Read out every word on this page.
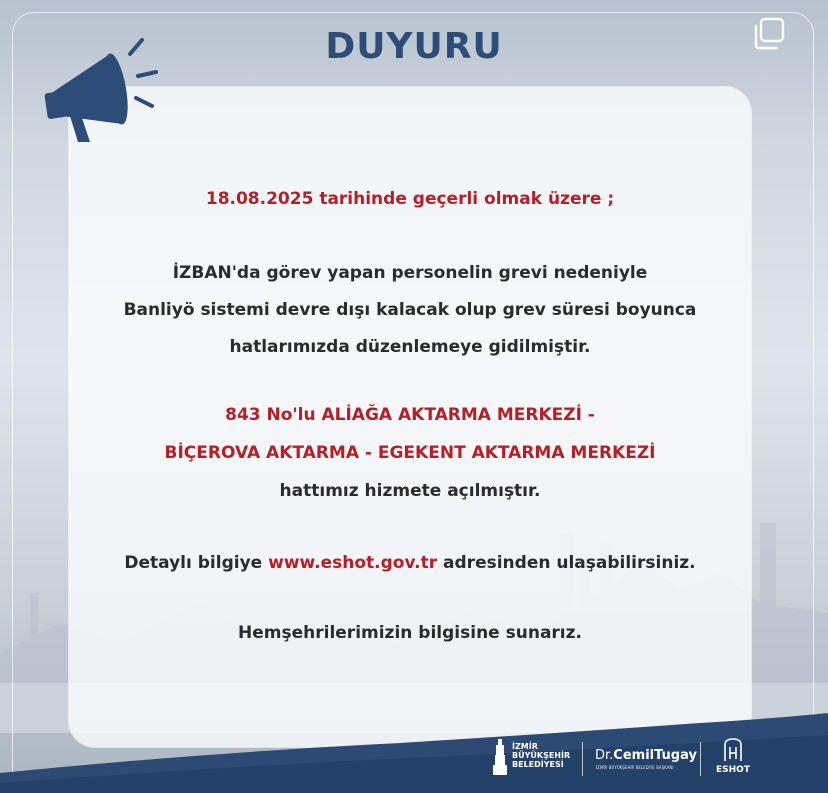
DUYURU
18.08.2025 tarihinde geçerli olmak üzere ;
İZBAN'da görev yapan personelin grevi nedeniyle
Banliyö sistemi devre dışı kalacak olup grev süresi boyunca
hatlarımızda düzenlemeye gidilmiştir.
843 No'lu ALİAĞA AKTARMA MERKEZİ -
BİÇEROVA AKTARMA - EGEKENT AKTARMA MERKEZİ
hattımız hizmete açılmıştır.
Detaylı bilgiye www.eshot.gov.tr adresinden ulaşabilirsiniz.
Hemşehrilerimizin bilgisine sunarız.
İZMİR
BÜYÜKŞEHİR
BELEDİYESİ
Dr.CemilTugay
İZMİR BÜYÜKŞEHİR BELEDİYE BAŞKANI	ESHOT
